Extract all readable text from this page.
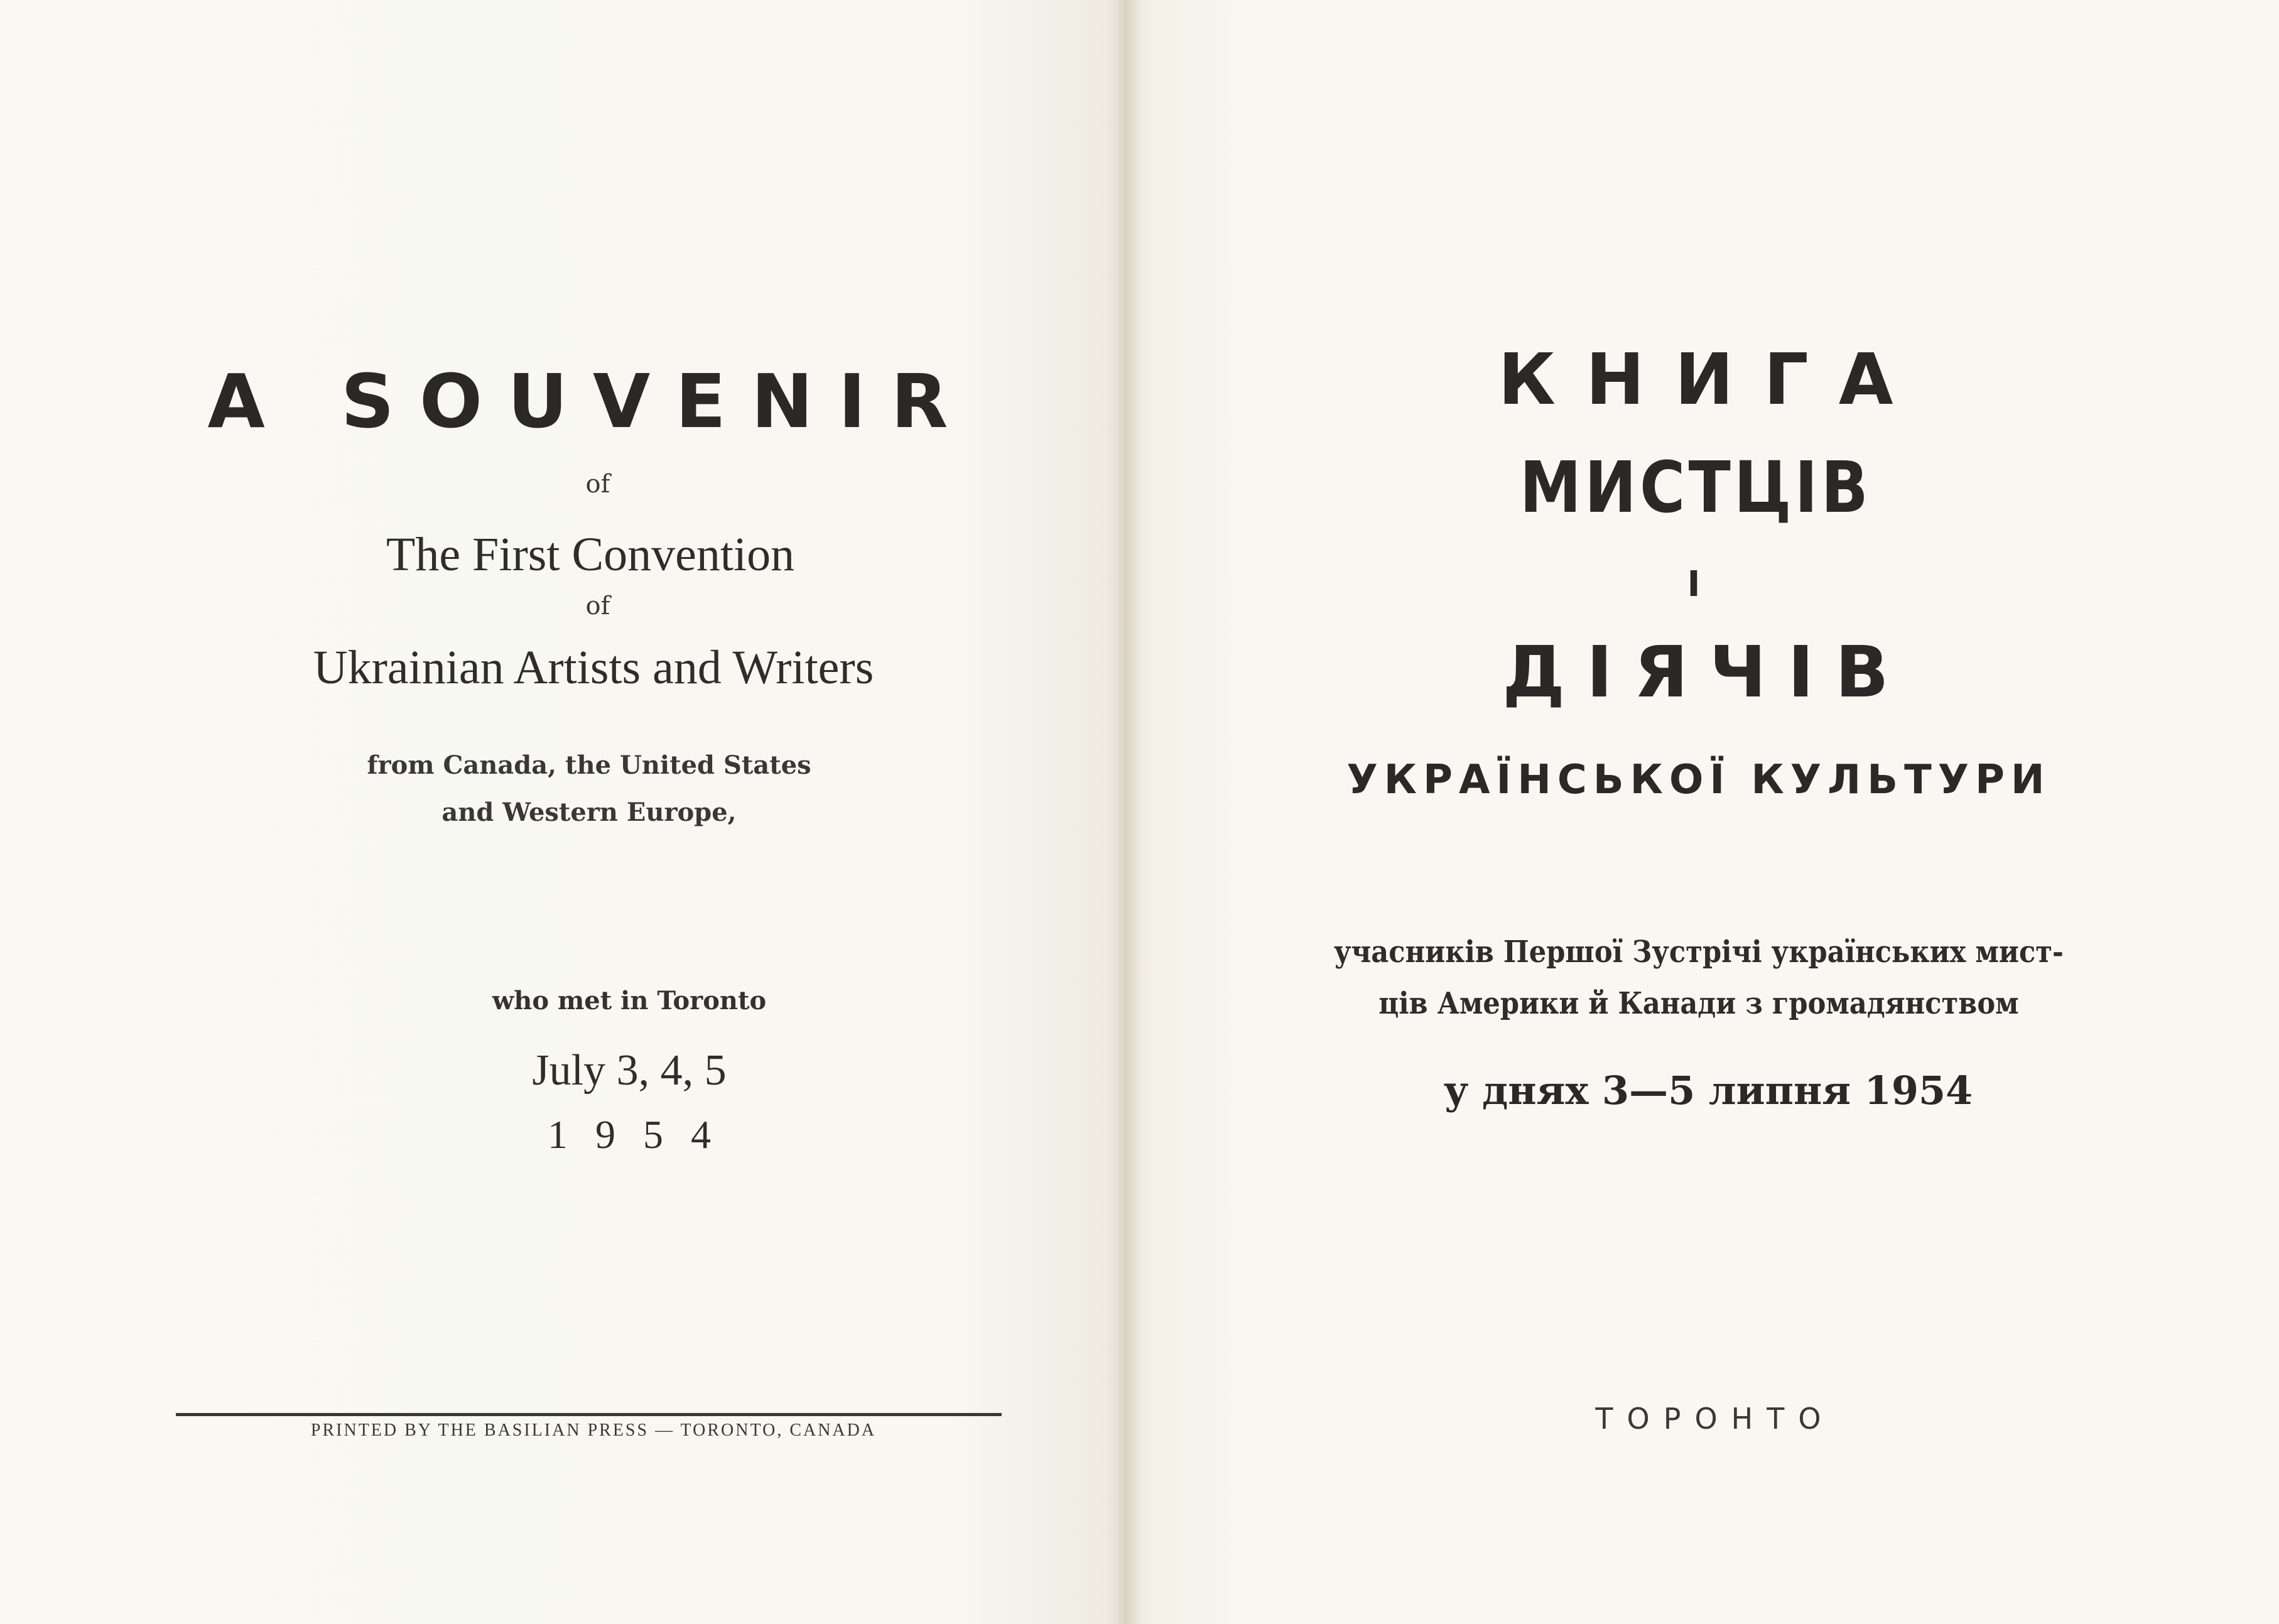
A SOUVENIR

of

The First Convention

of

Ukrainian Artists and Writers

from Canada, the United States

and Western Europe,

who met in Toronto

July 3, 4, 5

1954

PRINTED BY THE BASILIAN PRESS — TORONTO, CANADA

КНИГА

МИСТЦІВ

І

ДІЯЧІВ

УКРАЇНСЬКОЇ КУЛЬТУРИ

учасників Першої Зустрічі українських мист-

ців Америки й Канади з громадянством

у днях 3—5 липня 1954

ТОРОНТО
